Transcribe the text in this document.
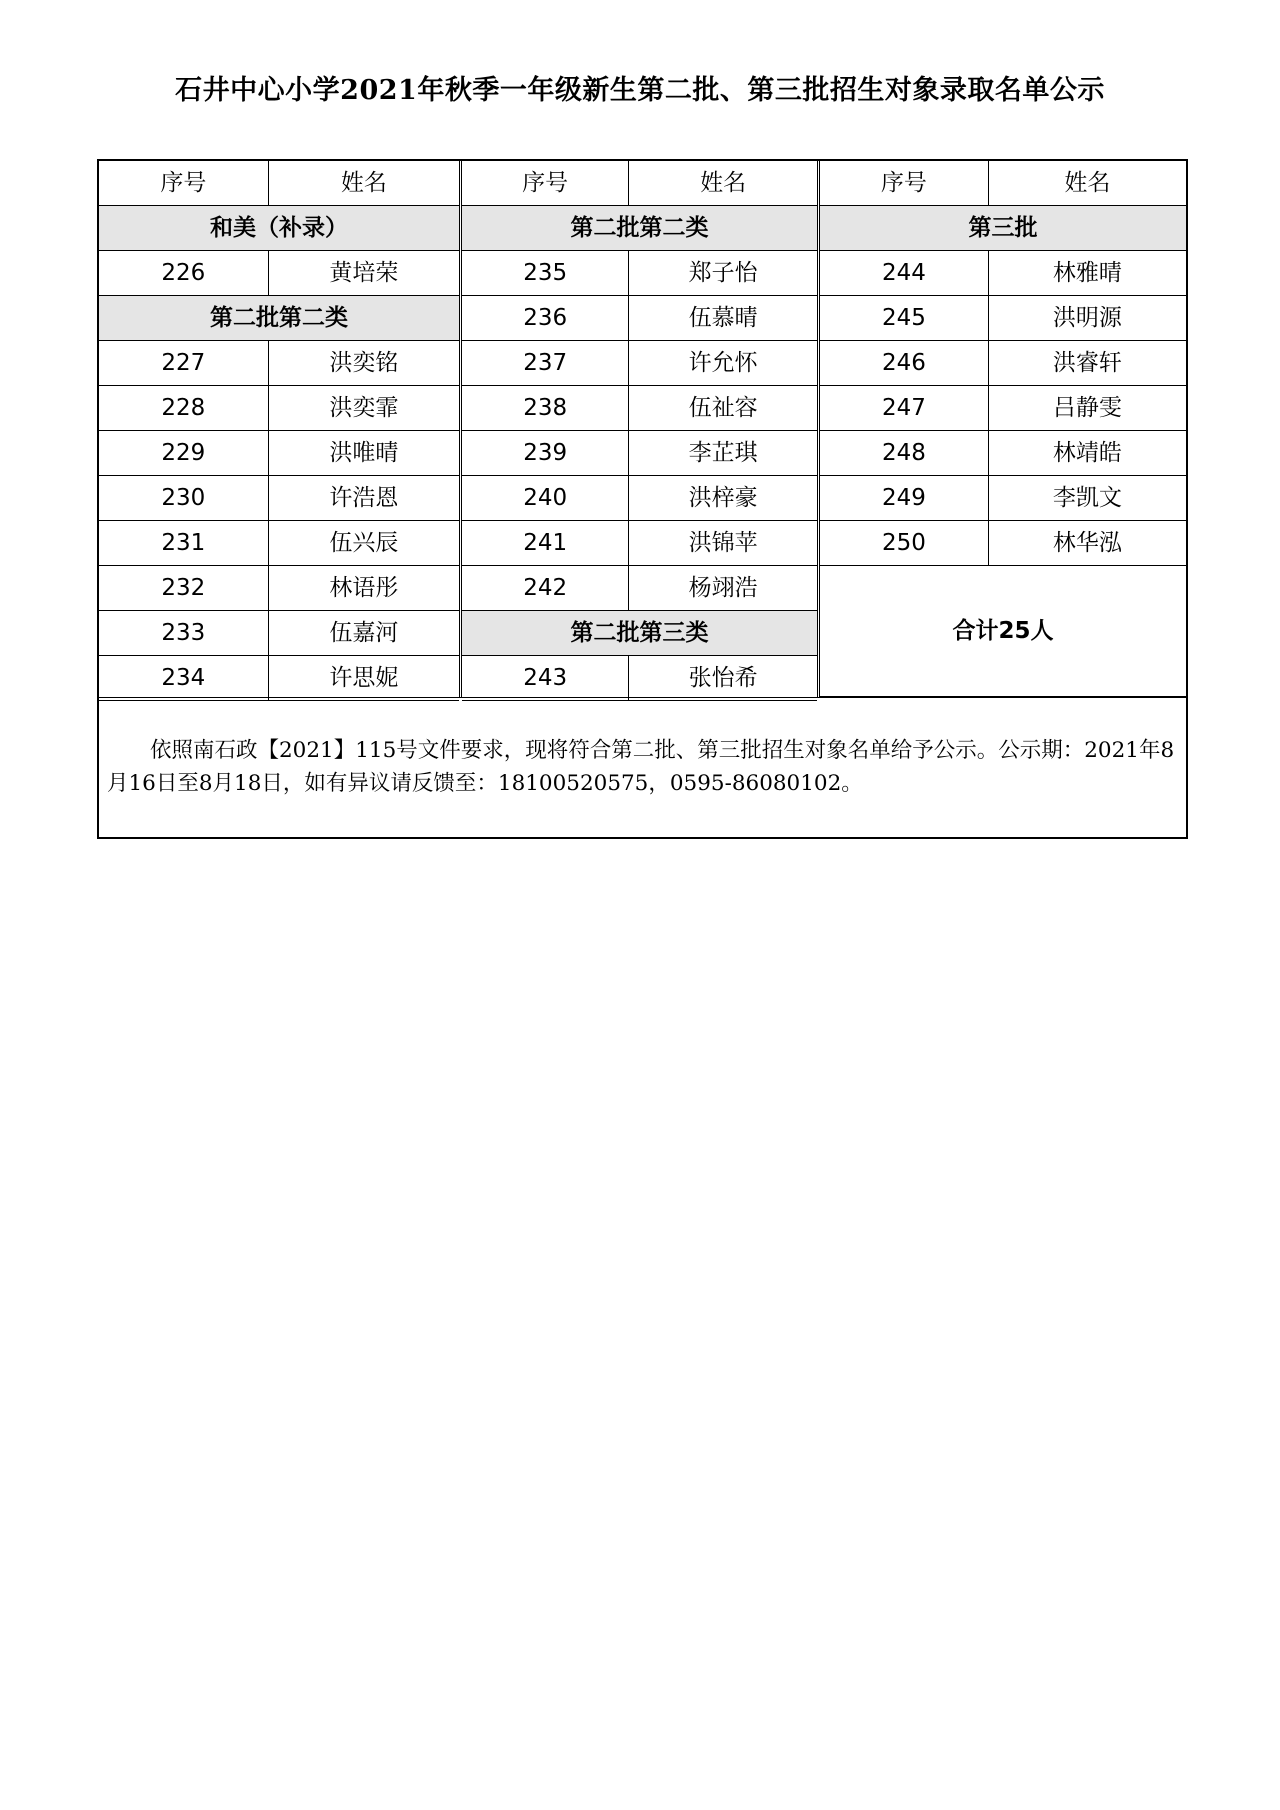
石井中心小学2021年秋季一年级新生第二批、第三批招生对象录取名单公示
序号	姓名
和美（补录）	
226	黄培荣
第二批第二类	
227	洪奕铭
228	洪奕霏
229	洪唯晴
230	许浩恩
231	伍兴辰
232	林语彤
233	伍嘉河
234	许思妮
序号	姓名
第二批第二类	
235	郑子怡
236	伍慕晴
237	许允怀
238	伍祉容
239	李芷琪
240	洪梓豪
241	洪锦苹
242	杨翊浩
第二批第三类	
243	张怡希
序号	姓名
第三批	
244	林雅晴
245	洪明源
246	洪睿轩
247	吕静雯
248	林靖皓
249	李凯文
250	林华泓
合计25人	

依照南石政【2021】115号文件要求，现将符合第二批、第三批招生对象名单给予公示。公示期：2021年8月16日至8月18日，如有异议请反馈至：18100520575，0595-86080102。
